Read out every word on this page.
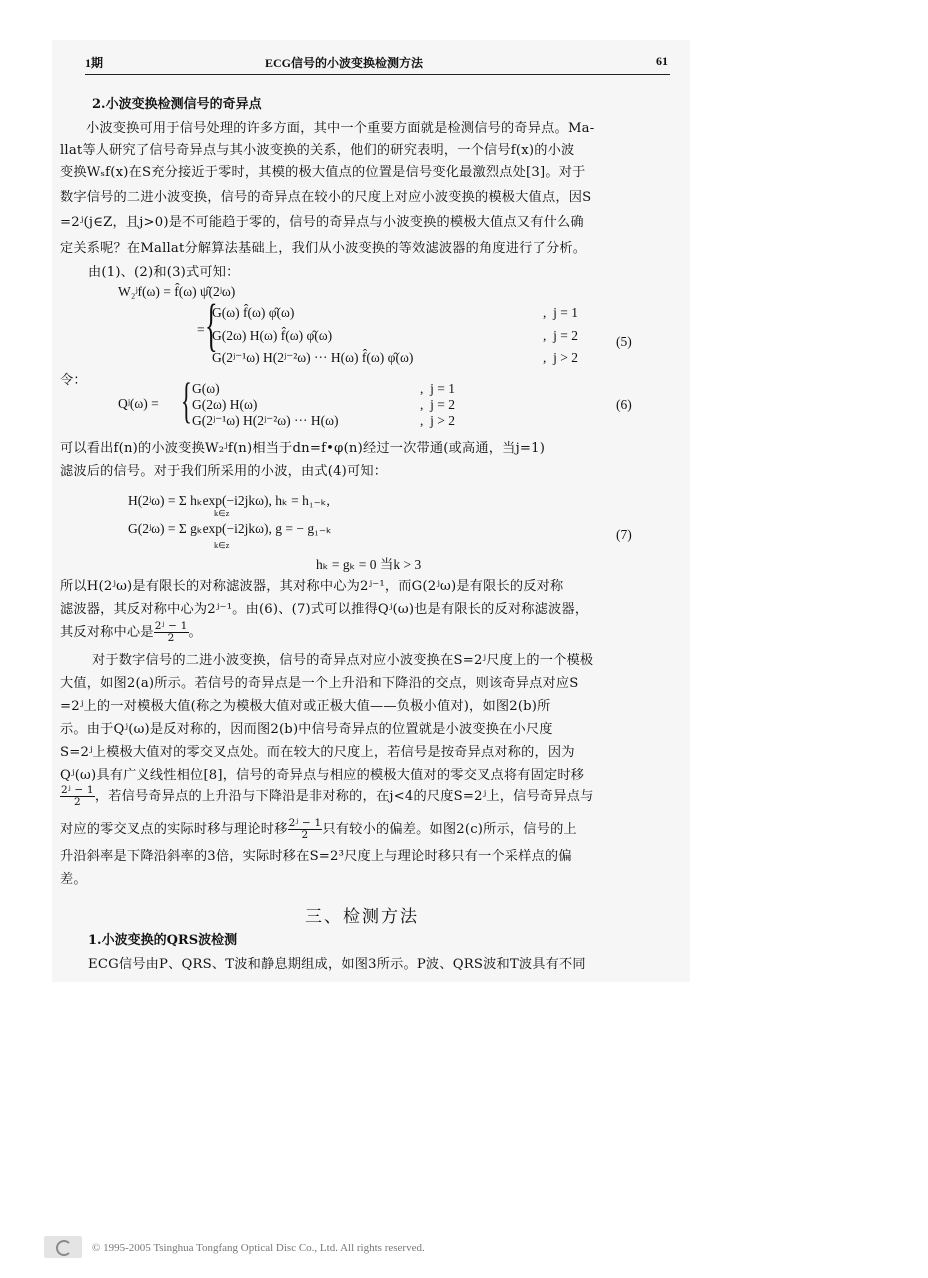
1期	ECG信号的小波变换检测方法	61
2.小波变换检测信号的奇异点
小波变换可用于信号处理的许多方面，其中一个重要方面就是检测信号的奇异点。Ma-
llat等人研究了信号奇异点与其小波变换的关系，他们的研究表明，一个信号f(x)的小波
变换Wₛf(x)在S充分接近于零时，其模的极大值点的位置是信号变化最激烈点处[3]。对于
数字信号的二进小波变换，信号的奇异点在较小的尺度上对应小波变换的模极大值点，因S
=2ʲ(j∈Z，且j>0)是不可能趋于零的，信号的奇异点与小波变换的模极大值点又有什么确
定关系呢？在Mallat分解算法基础上，我们从小波变换的等效滤波器的角度进行了分析。
由(1)、(2)和(3)式可知：
W₂ʲf(ω) = f̂(ω) ψ̂(2ʲω)
= {
G(ω) f̂(ω) φ̂(ω)	,  j = 1
G(2ω) H(ω) f̂(ω) φ̂(ω)	,  j = 2
G(2ʲ⁻¹ω) H(2ʲ⁻²ω) ··· H(ω) f̂(ω) φ̂(ω)	,  j > 2
(5)
令：
Qʲ(ω) = { G(ω)	,  j = 1
G(2ω) H(ω)	,  j = 2
G(2ʲ⁻¹ω) H(2ʲ⁻²ω) ··· H(ω)	,  j > 2
(6)
可以看出f(n)的小波变换W₂ʲf(n)相当于dn=f•φ(n)经过一次带通(或高通，当j=1)
滤波后的信号。对于我们所采用的小波，由式(4)可知：
H(2ʲω) = Σ hₖexp(−i2jkω), hₖ = h₁₋ₖ,
k∈z
G(2ʲω) = Σ gₖexp(−i2jkω), g = − g₁₋ₖ
k∈z
hₖ = gₖ = 0 当k > 3
(7)
所以H(2ʲω)是有限长的对称滤波器，其对称中心为2ʲ⁻¹，而G(2ʲω)是有限长的反对称
滤波器，其反对称中心为2ʲ⁻¹。由(6)、(7)式可以推得Qʲ(ω)也是有限长的反对称滤波器，
其反对称中心是 $\frac{\text{2ʲ − 1}}{2}$ 。
对于数字信号的二进小波变换，信号的奇异点对应小波变换在S=2ʲ尺度上的一个模极
大值，如图2(a)所示。若信号的奇异点是一个上升沿和下降沿的交点，则该奇异点对应S
=2ʲ上的一对模极大值(称之为模极大值对或正极大值——负极小值对)，如图2(b)所
示。由于Qʲ(ω)是反对称的，因而图2(b)中信号奇异点的位置就是小波变换在小尺度
S=2ʲ上模极大值对的零交叉点处。而在较大的尺度上，若信号是按奇异点对称的，因为
Qʲ(ω)具有广义线性相位[8]，信号的奇异点与相应的模极大值对的零交叉点将有固定时移
$\frac{\text{2ʲ − 1}}{2}$ ，若信号奇异点的上升沿与下降沿是非对称的，在j<4的尺度S=2ʲ上，信号奇异点与
对应的零交叉点的实际时移与理论时移 $\frac{\text{2ʲ − 1}}{2}$ 只有较小的偏差。如图2(c)所示，信号的上
升沿斜率是下降沿斜率的3倍，实际时移在S=2³尺度上与理论时移只有一个采样点的偏
差。
三、检测方法
1.小波变换的QRS波检测
ECG信号由P、QRS、T波和静息期组成，如图3所示。P波、QRS波和T波具有不同
© 1995-2005 Tsinghua Tongfang Optical Disc Co., Ltd. All rights reserved.
